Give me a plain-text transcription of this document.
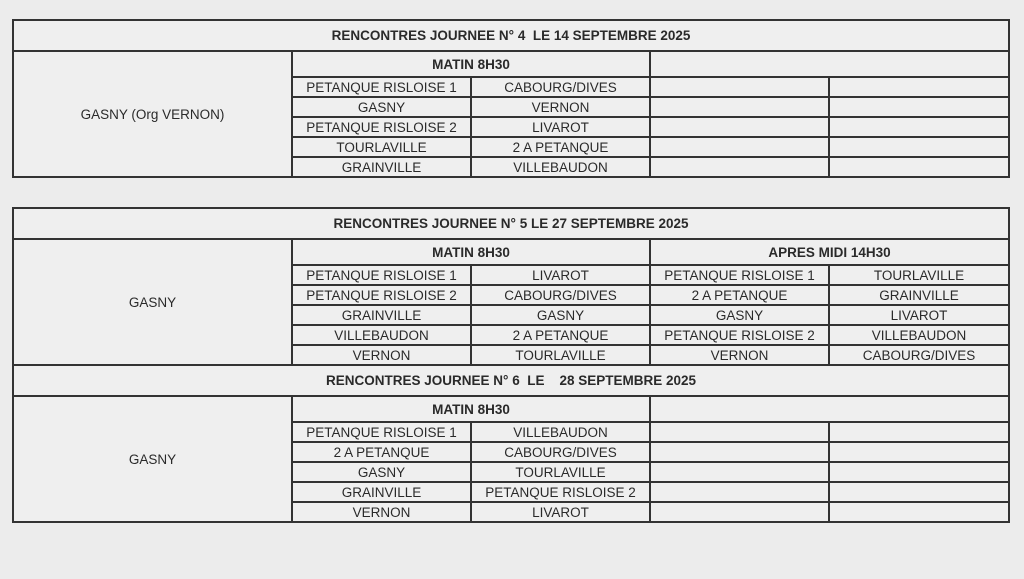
RENCONTRES JOURNEE N° 4  LE 14 SEPTEMBRE 2025				
GASNY (Org VERNON)	MATIN 8H30			
	PETANQUE RISLOISE 1	CABOURG/DIVES		
	GASNY	VERNON		
	PETANQUE RISLOISE 2	LIVAROT		
	TOURLAVILLE	2 A PETANQUE		
	GRAINVILLE	VILLEBAUDON		
RENCONTRES JOURNEE N° 5 LE 27 SEPTEMBRE 2025				
GASNY	MATIN 8H30		APRES MIDI 14H30	
	PETANQUE RISLOISE 1	LIVAROT	PETANQUE RISLOISE 1	TOURLAVILLE
	PETANQUE RISLOISE 2	CABOURG/DIVES	2 A PETANQUE	GRAINVILLE
	GRAINVILLE	GASNY	GASNY	LIVAROT
	VILLEBAUDON	2 A PETANQUE	PETANQUE RISLOISE 2	VILLEBAUDON
	VERNON	TOURLAVILLE	VERNON	CABOURG/DIVES
RENCONTRES JOURNEE N° 6  LE    28 SEPTEMBRE 2025				
GASNY	MATIN 8H30			
	PETANQUE RISLOISE 1	VILLEBAUDON		
	2 A PETANQUE	CABOURG/DIVES		
	GASNY	TOURLAVILLE		
	GRAINVILLE	PETANQUE RISLOISE 2		
	VERNON	LIVAROT		
